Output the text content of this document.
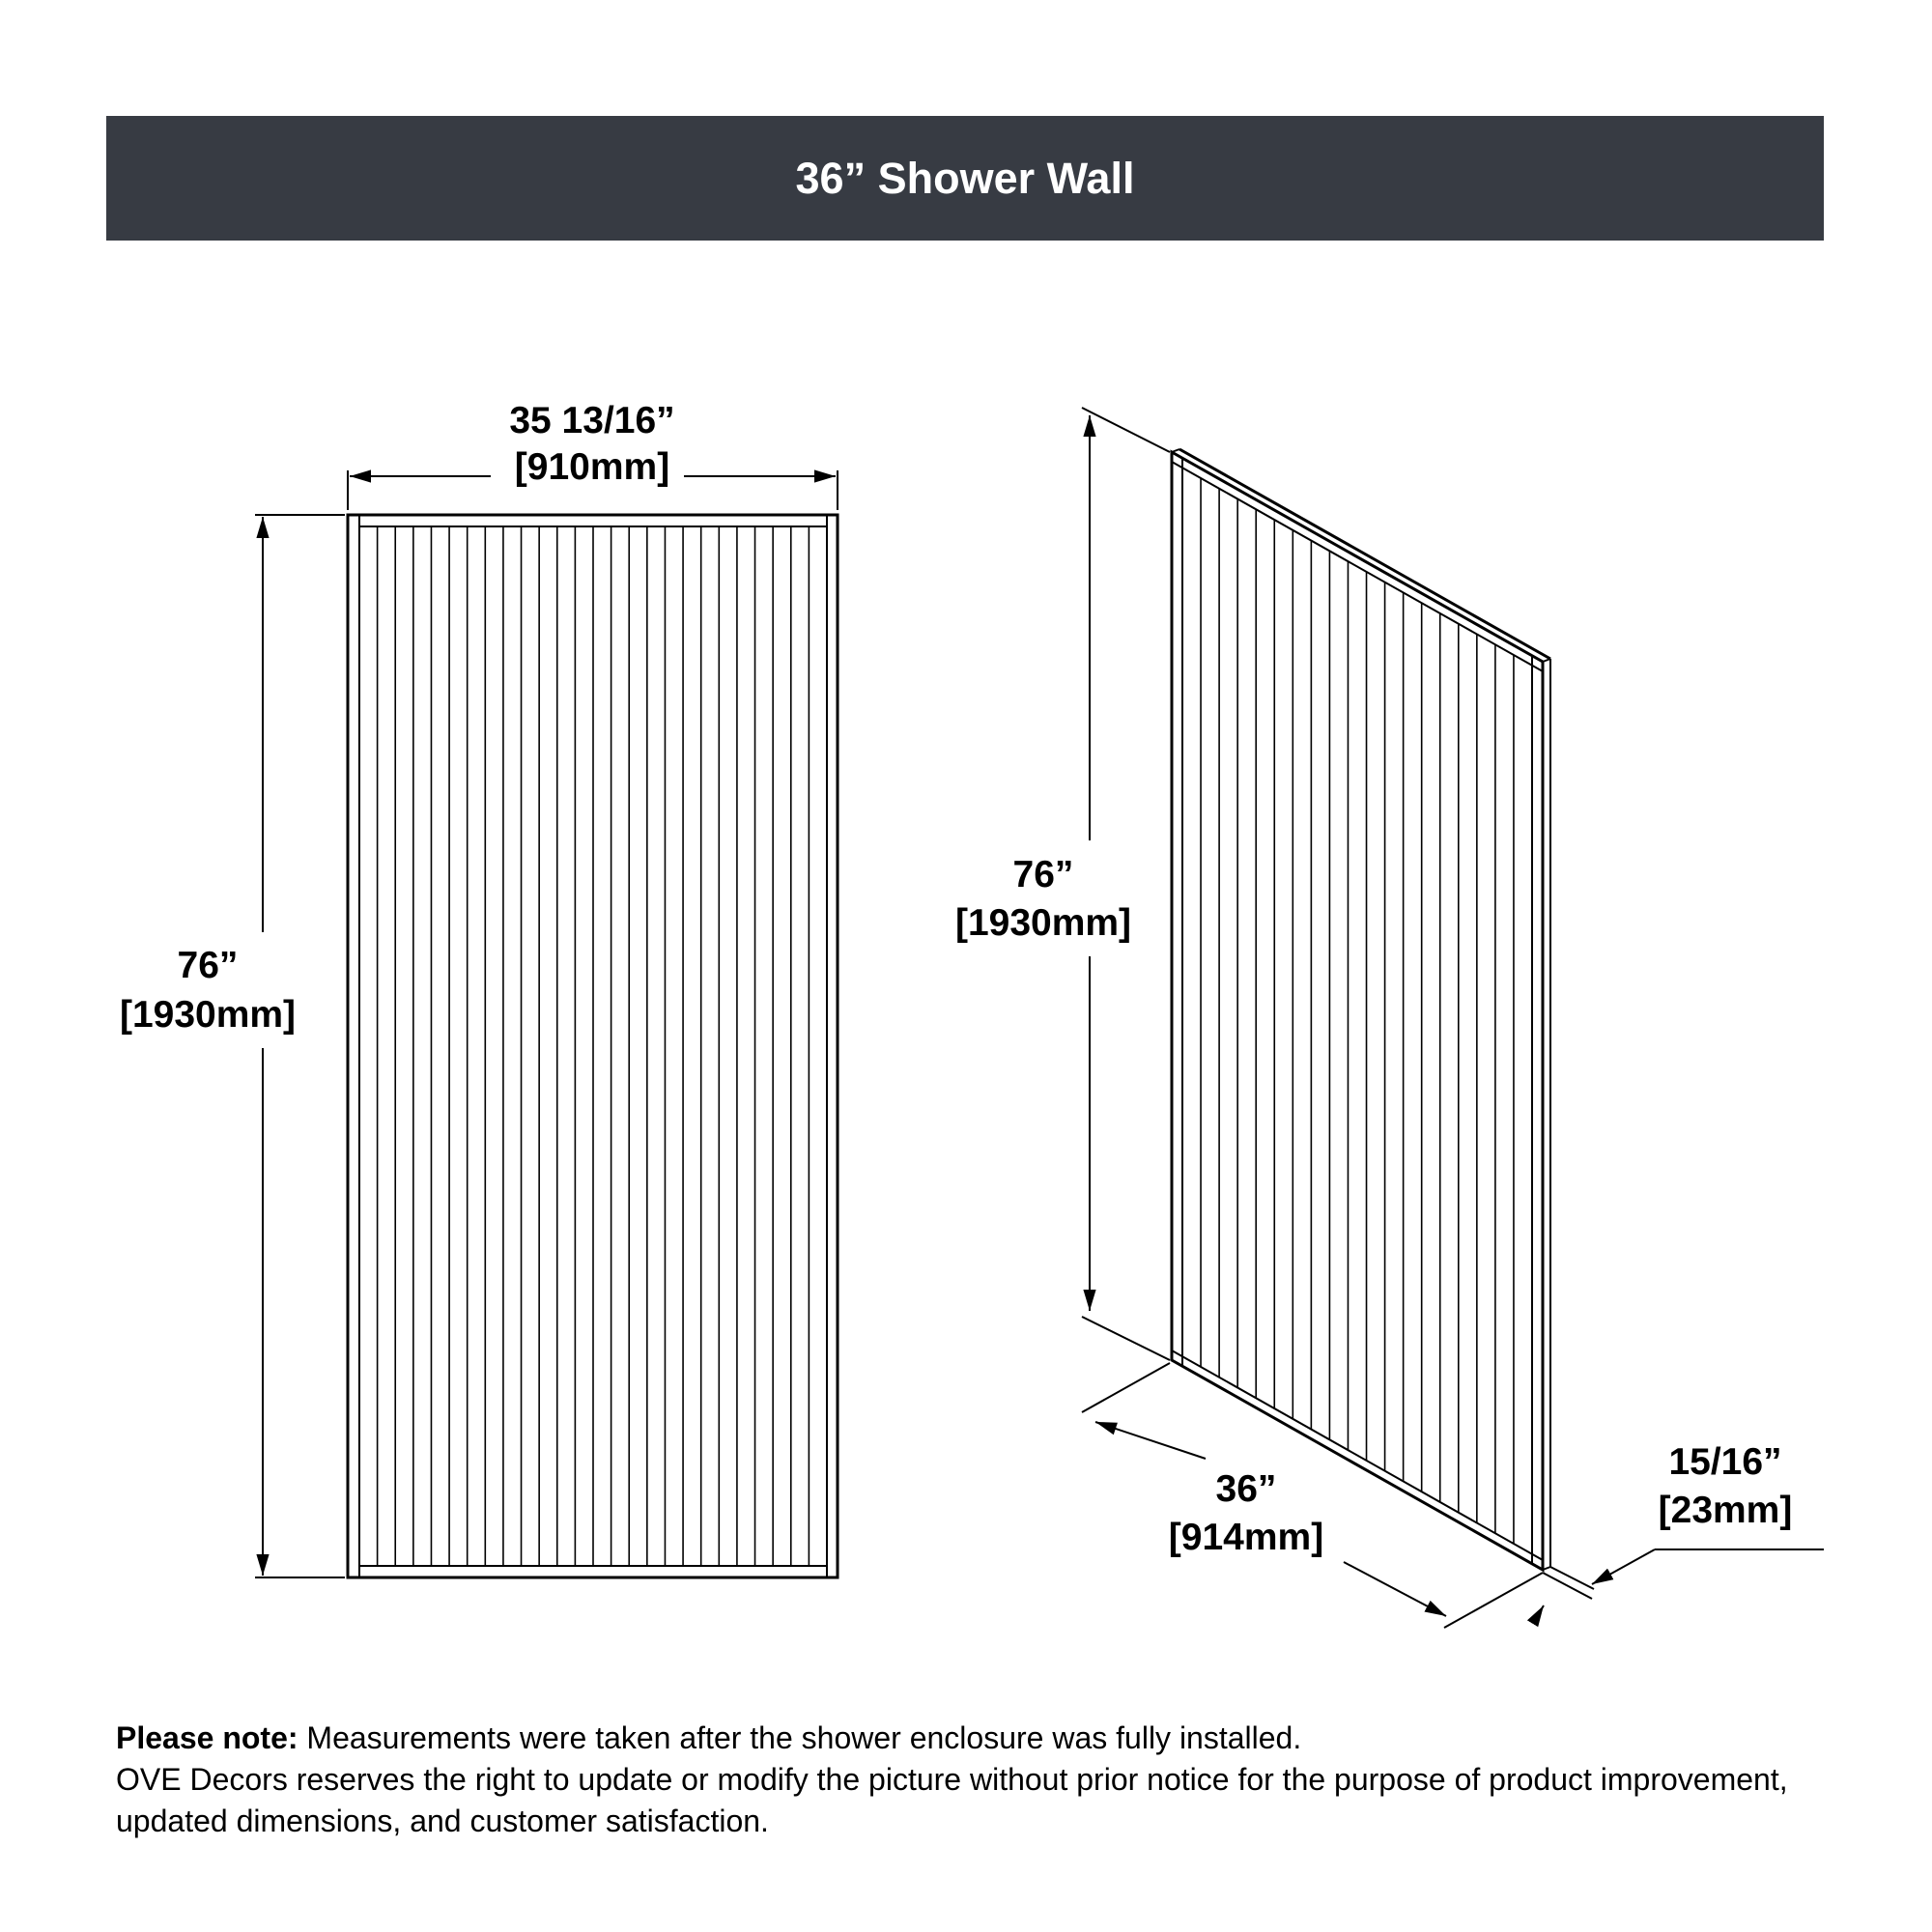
36” Shower Wall
35 13/16”
[910mm]
76”
[1930mm]
76”
[1930mm]
36”
[914mm]
15/16”
[23mm]
Please note: Measurements were taken after the shower enclosure was fully installed.
OVE Decors reserves the right to update or modify the picture without prior notice for the purpose of product improvement, updated dimensions, and customer satisfaction.
